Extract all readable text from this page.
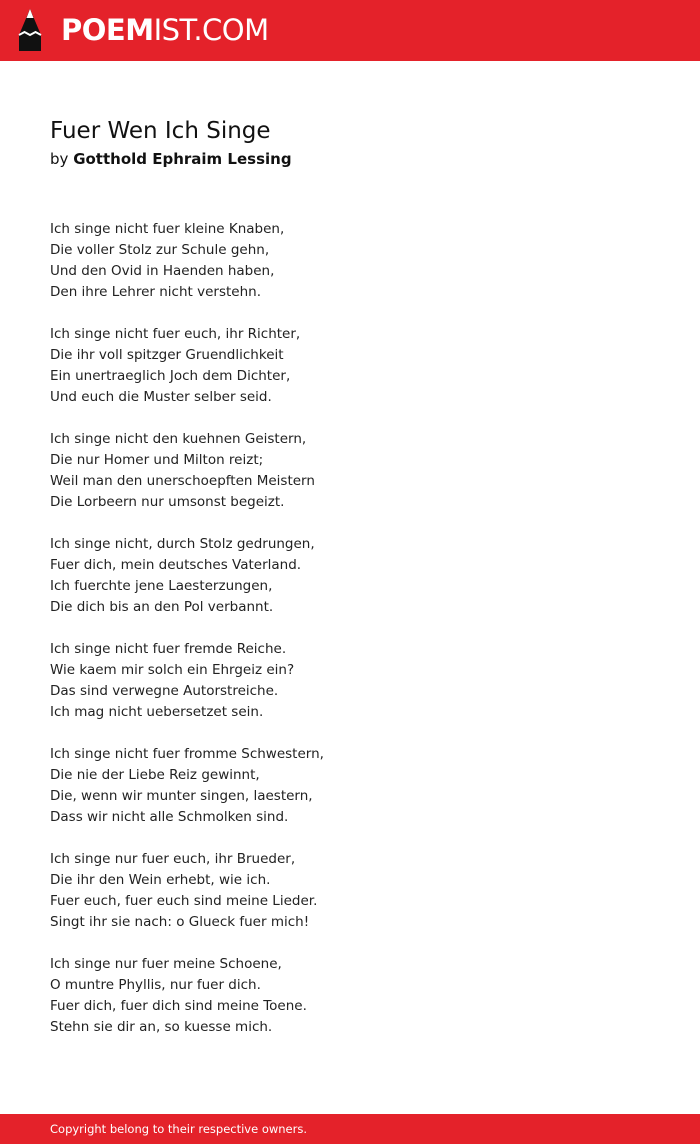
POEMIST.COM
Fuer Wen Ich Singe
by Gotthold Ephraim Lessing
Ich singe nicht fuer kleine Knaben,
Die voller Stolz zur Schule gehn,
Und den Ovid in Haenden haben,
Den ihre Lehrer nicht verstehn.
Ich singe nicht fuer euch, ihr Richter,
Die ihr voll spitzger Gruendlichkeit
Ein unertraeglich Joch dem Dichter,
Und euch die Muster selber seid.
Ich singe nicht den kuehnen Geistern,
Die nur Homer und Milton reizt;
Weil man den unerschoepften Meistern
Die Lorbeern nur umsonst begeizt.
Ich singe nicht, durch Stolz gedrungen,
Fuer dich, mein deutsches Vaterland.
Ich fuerchte jene Laesterzungen,
Die dich bis an den Pol verbannt.
Ich singe nicht fuer fremde Reiche.
Wie kaem mir solch ein Ehrgeiz ein?
Das sind verwegne Autorstreiche.
Ich mag nicht uebersetzet sein.
Ich singe nicht fuer fromme Schwestern,
Die nie der Liebe Reiz gewinnt,
Die, wenn wir munter singen, laestern,
Dass wir nicht alle Schmolken sind.
Ich singe nur fuer euch, ihr Brueder,
Die ihr den Wein erhebt, wie ich.
Fuer euch, fuer euch sind meine Lieder.
Singt ihr sie nach: o Glueck fuer mich!
Ich singe nur fuer meine Schoene,
O muntre Phyllis, nur fuer dich.
Fuer dich, fuer dich sind meine Toene.
Stehn sie dir an, so kuesse mich.
Copyright belong to their respective owners.
